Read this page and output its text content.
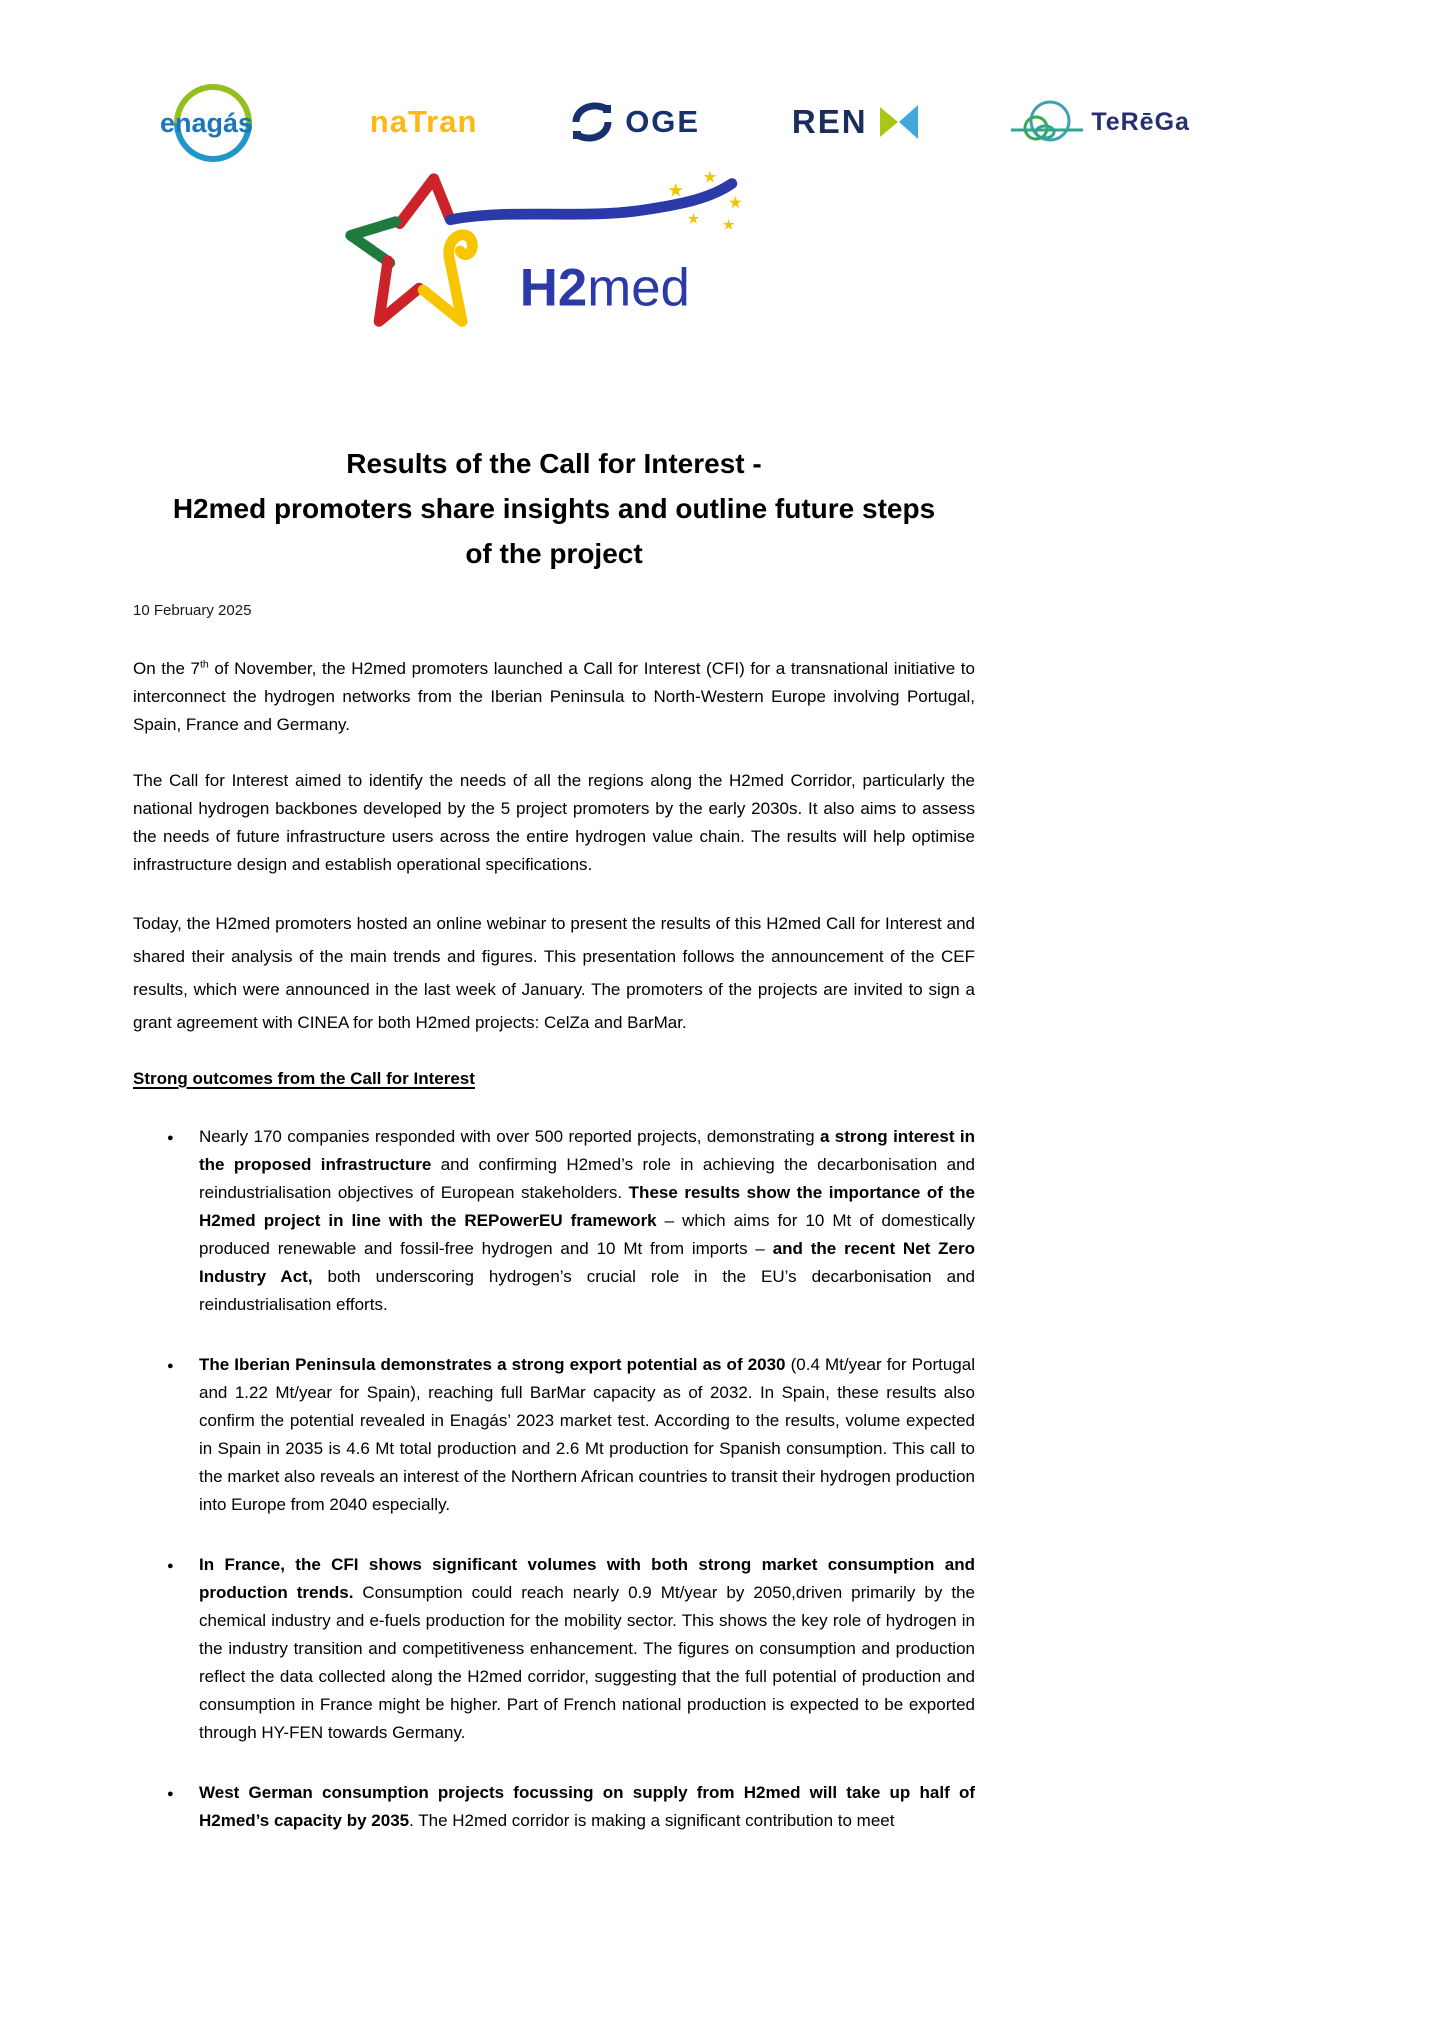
enagás	naTran	OGE	REN	TeRēGa
★
★
★
★ ★
H2med
Results of the Call for Interest -
H2med promoters share insights and outline future steps
of the project
10 February 2025

On the 7th of November, the H2med promoters launched a Call for Interest (CFI) for a transnational initiative to interconnect the hydrogen networks from the Iberian Peninsula to North-Western Europe involving Portugal, Spain, France and Germany.

The Call for Interest aimed to identify the needs of all the regions along the H2med Corridor, particularly the national hydrogen backbones developed by the 5 project promoters by the early 2030s. It also aims to assess the needs of future infrastructure users across the entire hydrogen value chain. The results will help optimise infrastructure design and establish operational specifications.

Today, the H2med promoters hosted an online webinar to present the results of this H2med Call for Interest and shared their analysis of the main trends and figures. This presentation follows the announcement of the CEF results, which were announced in the last week of January. The promoters of the projects are invited to sign a grant agreement with CINEA for both H2med projects: CelZa and BarMar.

Strong outcomes from the Call for Interest
● Nearly 170 companies responded with over 500 reported projects, demonstrating a strong interest in the proposed infrastructure and confirming H2med’s role in achieving the decarbonisation and reindustrialisation objectives of European stakeholders. These results show the importance of the H2med project in line with the REPowerEU framework – which aims for 10 Mt of domestically produced renewable and fossil-free hydrogen and 10 Mt from imports – and the recent Net Zero Industry Act, both underscoring hydrogen’s crucial role in the EU’s decarbonisation and reindustrialisation efforts.
● The Iberian Peninsula demonstrates a strong export potential as of 2030 (0.4 Mt/year for Portugal and 1.22 Mt/year for Spain), reaching full BarMar capacity as of 2032. In Spain, these results also confirm the potential revealed in Enagás’ 2023 market test. According to the results, volume expected in Spain in 2035 is 4.6 Mt total production and 2.6 Mt production for Spanish consumption. This call to the market also reveals an interest of the Northern African countries to transit their hydrogen production into Europe from 2040 especially.
● In France, the CFI shows significant volumes with both strong market consumption and production trends. Consumption could reach nearly 0.9 Mt/year by 2050,driven primarily by the chemical industry and e-fuels production for the mobility sector. This shows the key role of hydrogen in the industry transition and competitiveness enhancement. The figures on consumption and production reflect the data collected along the H2med corridor, suggesting that the full potential of production and consumption in France might be higher. Part of French national production is expected to be exported through HY-FEN towards Germany.
● West German consumption projects focussing on supply from H2med will take up half of H2med’s capacity by 2035. The H2med corridor is making a significant contribution to meet
